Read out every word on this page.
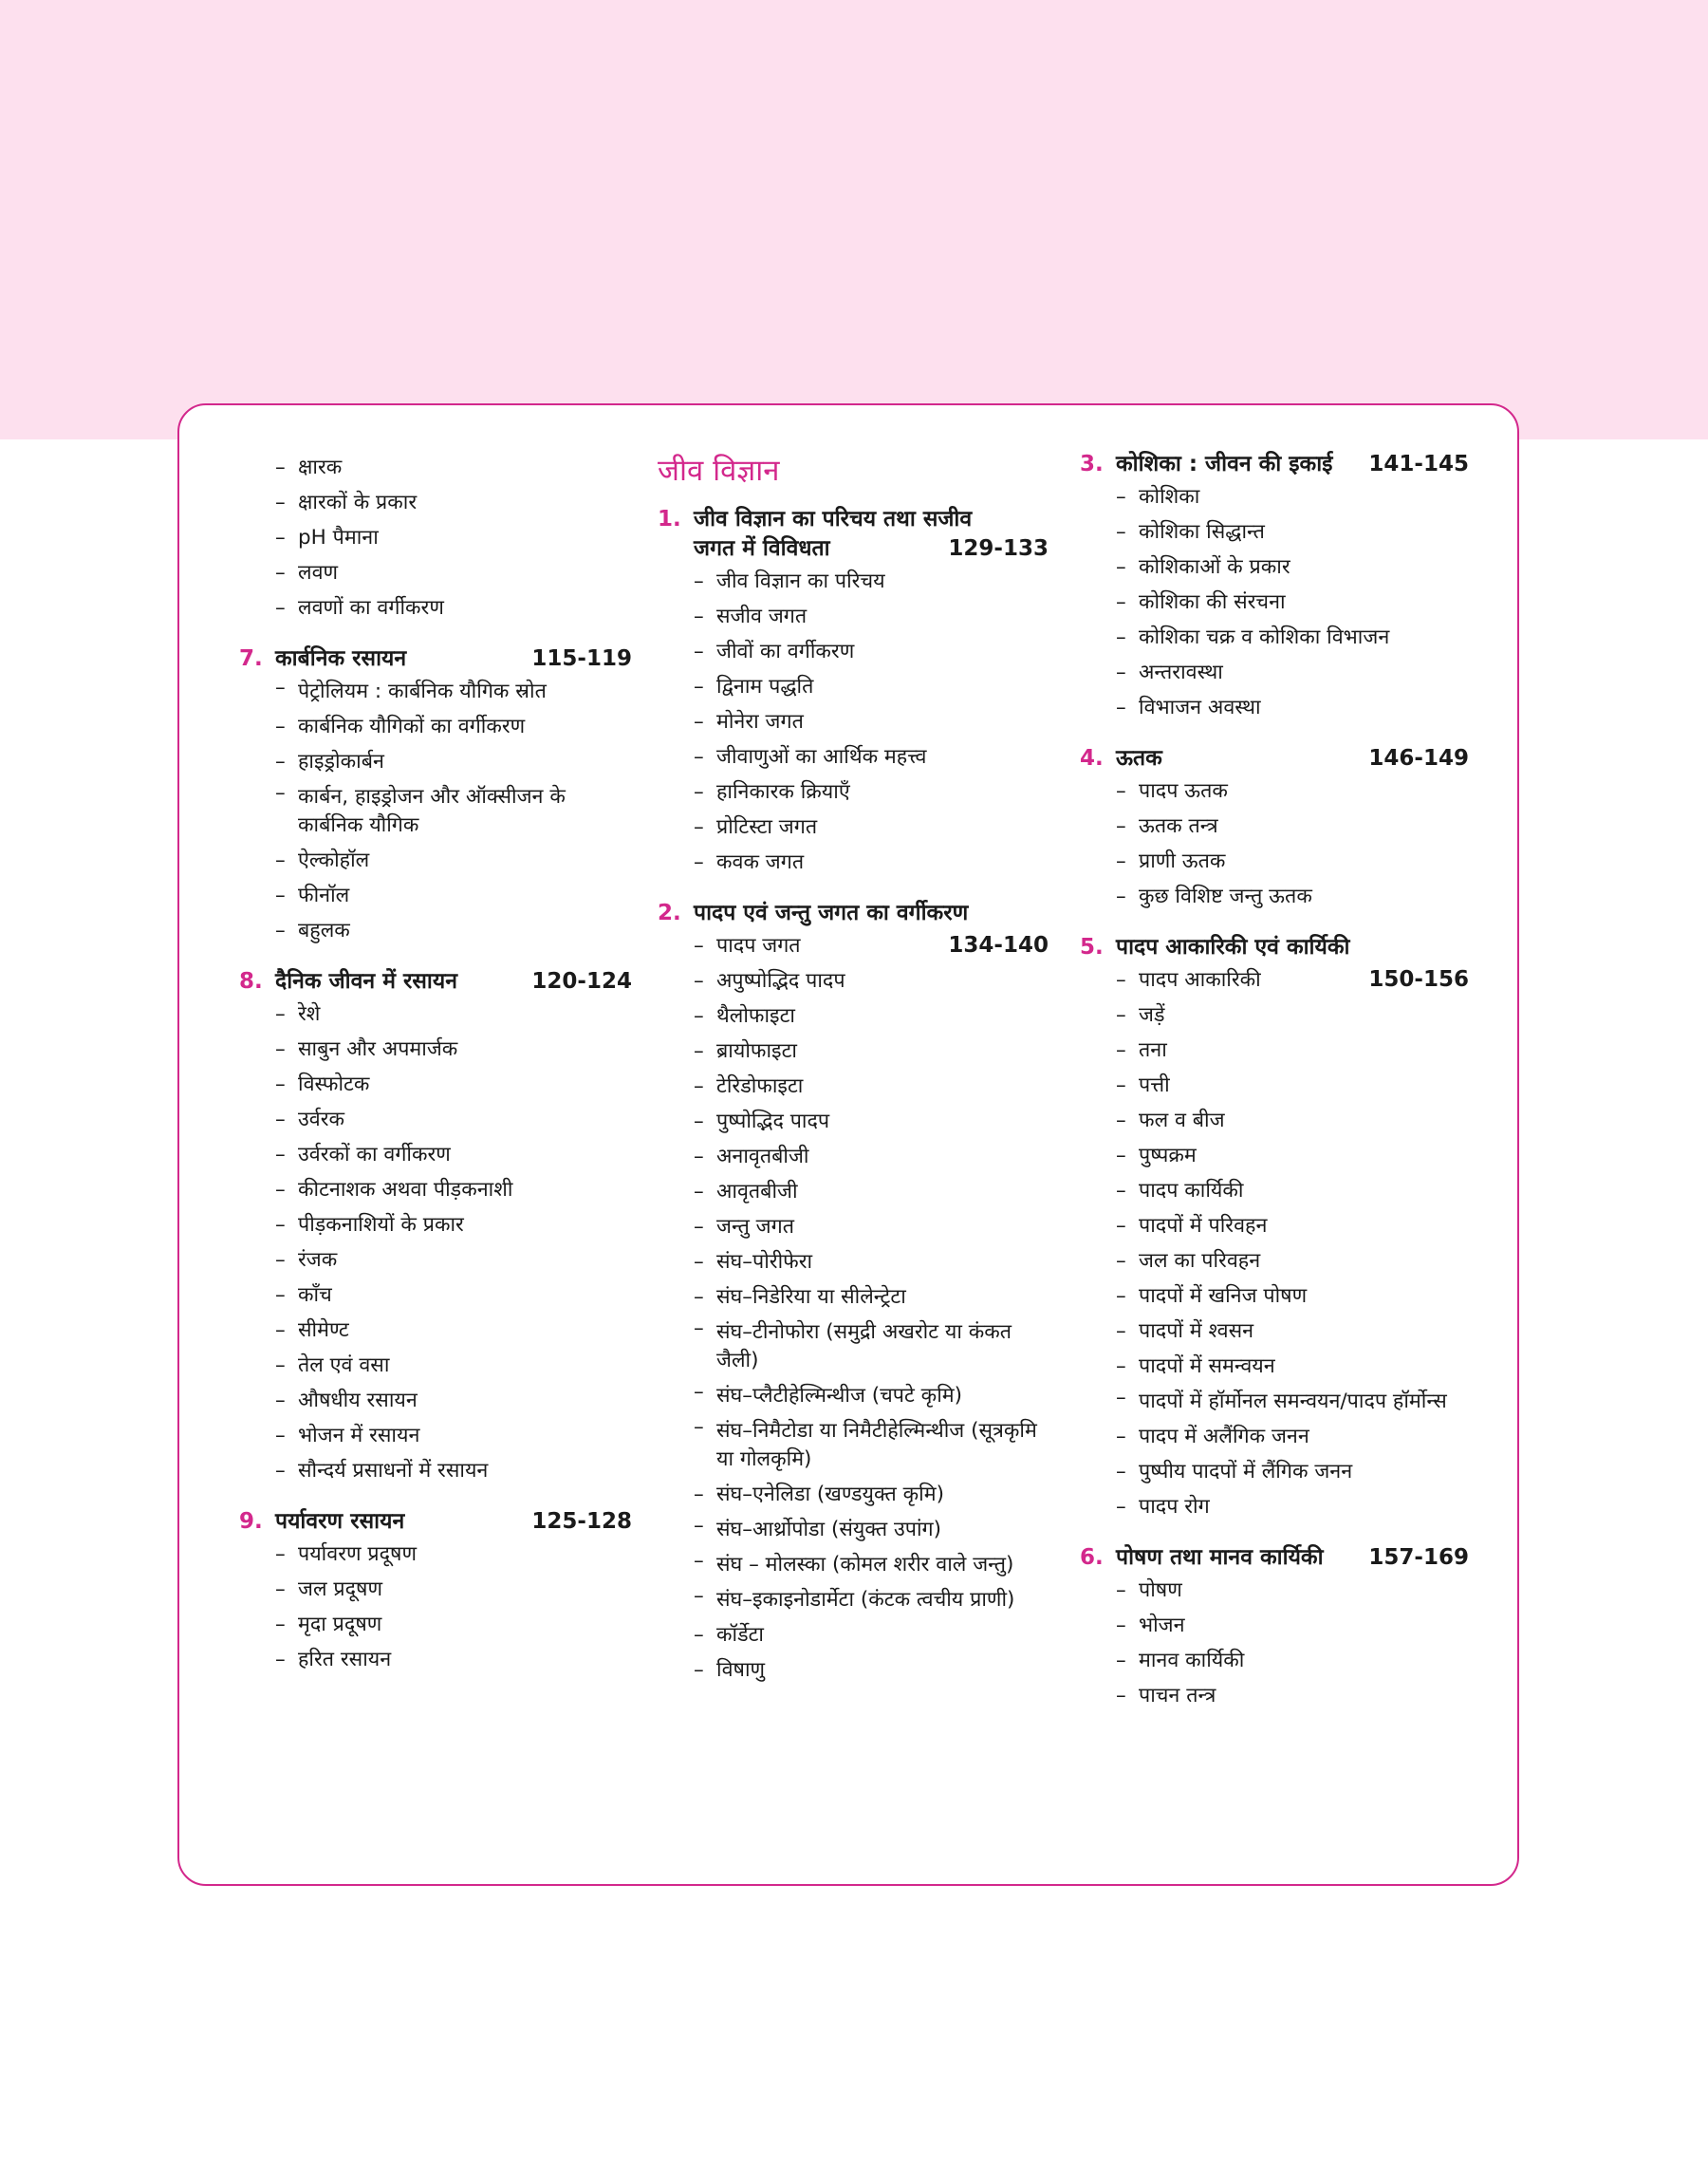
– क्षारक
– क्षारकों के प्रकार
– pH पैमाना
– लवण
– लवणों का वर्गीकरण
7. कार्बनिक रसायन	115-119
– पेट्रोलियम : कार्बनिक यौगिक स्रोत
– कार्बनिक यौगिकों का वर्गीकरण
– हाइड्रोकार्बन
– कार्बन, हाइड्रोजन और ऑक्सीजन के कार्बनिक यौगिक
– ऐल्कोहॉल
– फीनॉल
– बहुलक
8. दैनिक जीवन में रसायन	120-124
– रेशे
– साबुन और अपमार्जक
– विस्फोटक
– उर्वरक
– उर्वरकों का वर्गीकरण
– कीटनाशक अथवा पीड़कनाशी
– पीड़कनाशियों के प्रकार
– रंजक
– काँच
– सीमेण्ट
– तेल एवं वसा
– औषधीय रसायन
– भोजन में रसायन
– सौन्दर्य प्रसाधनों में रसायन
9. पर्यावरण रसायन	125-128
– पर्यावरण प्रदूषण
– जल प्रदूषण
– मृदा प्रदूषण
– हरित रसायन
जीव विज्ञान
1. जीव विज्ञान का परिचय तथा सजीव
जगत में विविधता	129-133
– जीव विज्ञान का परिचय
– सजीव जगत
– जीवों का वर्गीकरण
– द्विनाम पद्धति
– मोनेरा जगत
– जीवाणुओं का आर्थिक महत्त्व
– हानिकारक क्रियाएँ
– प्रोटिस्टा जगत
– कवक जगत
2. पादप एवं जन्तु जगत का वर्गीकरण
– पादप जगत	134-140
– अपुष्पोद्भिद पादप
– थैलोफाइटा
– ब्रायोफाइटा
– टेरिडोफाइटा
– पुष्पोद्भिद पादप
– अनावृतबीजी
– आवृतबीजी
– जन्तु जगत
– संघ–पोरीफेरा
– संघ–निडेरिया या सीलेन्ट्रेटा
– संघ–टीनोफोरा (समुद्री अखरोट या कंकत जैली)
– संघ–प्लैटीहेल्मिन्थीज (चपटे कृमि)
– संघ–निमैटोडा या निमैटीहेल्मिन्थीज (सूत्रकृमि या गोलकृमि)
– संघ–एनेलिडा (खण्डयुक्त कृमि)
– संघ–आर्थ्रोपोडा (संयुक्त उपांग)
– संघ – मोलस्का (कोमल शरीर वाले जन्तु)
– संघ–इकाइनोडार्मेटा (कंटक त्वचीय प्राणी)
– कॉर्डेटा
– विषाणु
3. कोशिका : जीवन की इकाई	141-145
– कोशिका
– कोशिका सिद्धान्त
– कोशिकाओं के प्रकार
– कोशिका की संरचना
– कोशिका चक्र व कोशिका विभाजन
– अन्तरावस्था
– विभाजन अवस्था
4. ऊतक	146-149
– पादप ऊतक
– ऊतक तन्त्र
– प्राणी ऊतक
– कुछ विशिष्ट जन्तु ऊतक
5. पादप आकारिकी एवं कार्यिकी
– पादप आकारिकी	150-156
– जड़ें
– तना
– पत्ती
– फल व बीज
– पुष्पक्रम
– पादप कार्यिकी
– पादपों में परिवहन
– जल का परिवहन
– पादपों में खनिज पोषण
– पादपों में श्वसन
– पादपों में समन्वयन
– पादपों में हॉर्मोनल समन्वयन/पादप हॉर्मोन्स
– पादप में अलैंगिक जनन
– पुष्पीय पादपों में लैंगिक जनन
– पादप रोग
6. पोषण तथा मानव कार्यिकी	157-169
– पोषण
– भोजन
– मानव कार्यिकी
– पाचन तन्त्र
